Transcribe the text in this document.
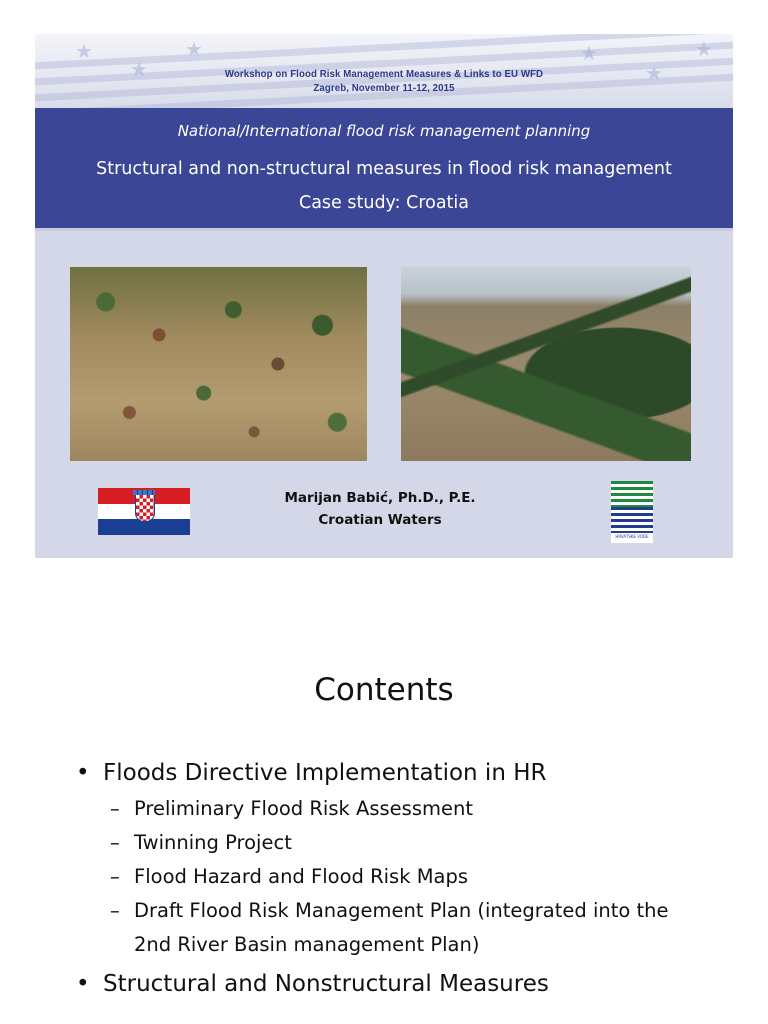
★
★
★	★
★
★
Workshop on Flood Risk Management Measures & Links to EU WFD
Zagreb, November 11-12, 2015
National/International flood risk management planning
Structural and non-structural measures in flood risk management
Case study: Croatia
Marijan Babić, Ph.D., P.E.
Croatian Waters
HRVATSKE VODE
Contents
• Floods Directive Implementation in HR
– Preliminary Flood Risk Assessment
– Twinning Project
– Flood Hazard and Flood Risk Maps
– Draft Flood Risk Management Plan (integrated into the 2nd River Basin management Plan)
• Structural and Nonstructural Measures
